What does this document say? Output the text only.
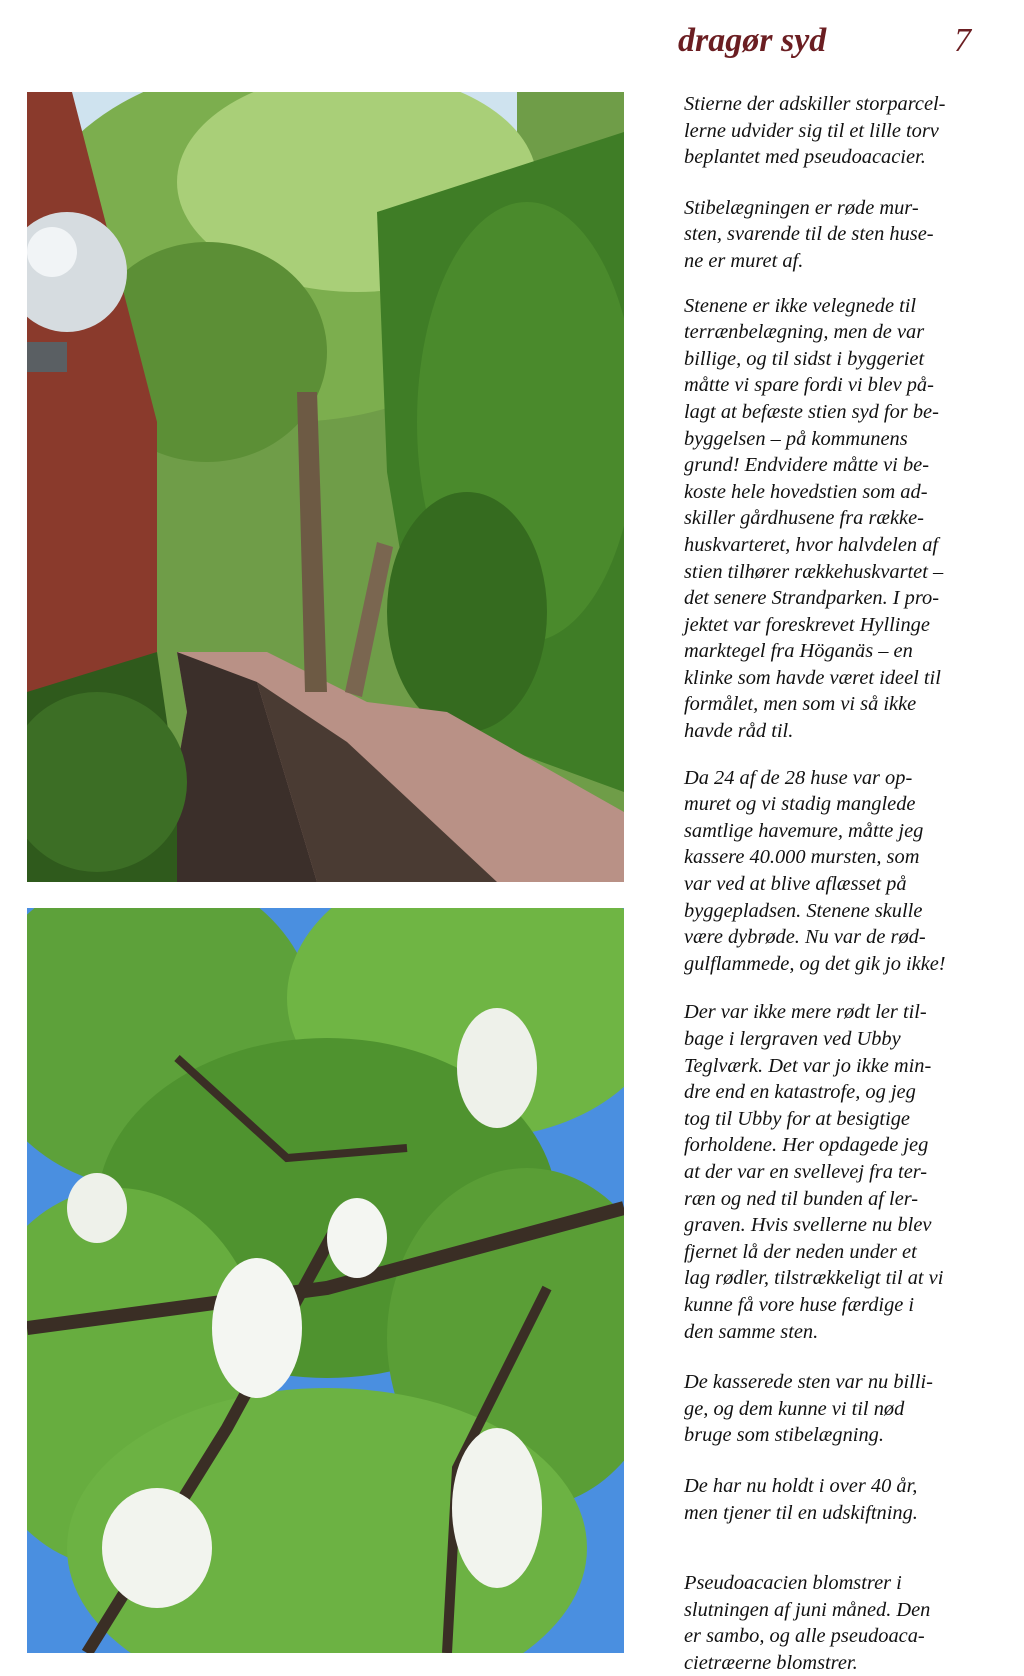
dragør syd	7

Stierne der adskiller storparcel-
lerne udvider sig til et lille torv
beplantet med pseudoacacier.

Stibelægningen er røde mur-
sten, svarende til de sten huse-
ne er muret af.

Stenene er ikke velegnede til
terrænbelægning, men de var
billige, og til sidst i byggeriet
måtte vi spare fordi vi blev på-
lagt at befæste stien syd for be-
byggelsen – på kommunens
grund! Endvidere måtte vi be-
koste hele hovedstien som ad-
skiller gårdhusene fra række-
huskvarteret, hvor halvdelen af
stien tilhører rækkehuskvartet –
det senere Strandparken. I pro-
jektet var foreskrevet Hyllinge
marktegel fra Höganäs – en
klinke som havde været ideel til
formålet, men som vi så ikke
havde råd til.

Da 24 af de 28 huse var op-
muret og vi stadig manglede
samtlige havemure, måtte jeg
kassere 40.000 mursten, som
var ved at blive aflæsset på
byggepladsen. Stenene skulle
være dybrøde. Nu var de rød-
gulflammede, og det gik jo ikke!

Der var ikke mere rødt ler til-
bage i lergraven ved Ubby
Teglværk. Det var jo ikke min-
dre end en katastrofe, og jeg
tog til Ubby for at besigtige
forholdene. Her opdagede jeg
at der var en svellevej fra ter-
ræn og ned til bunden af ler-
graven. Hvis svellerne nu blev
fjernet lå der neden under et
lag rødler, tilstrækkeligt til at vi
kunne få vore huse færdige i
den samme sten.

De kasserede sten var nu billi-
ge, og dem kunne vi til nød
bruge som stibelægning.

De har nu holdt i over 40 år,
men tjener til en udskiftning.

Pseudoacacien blomstrer i
slutningen af juni måned. Den
er sambo, og alle pseudoaca-
cietræerne blomstrer.
